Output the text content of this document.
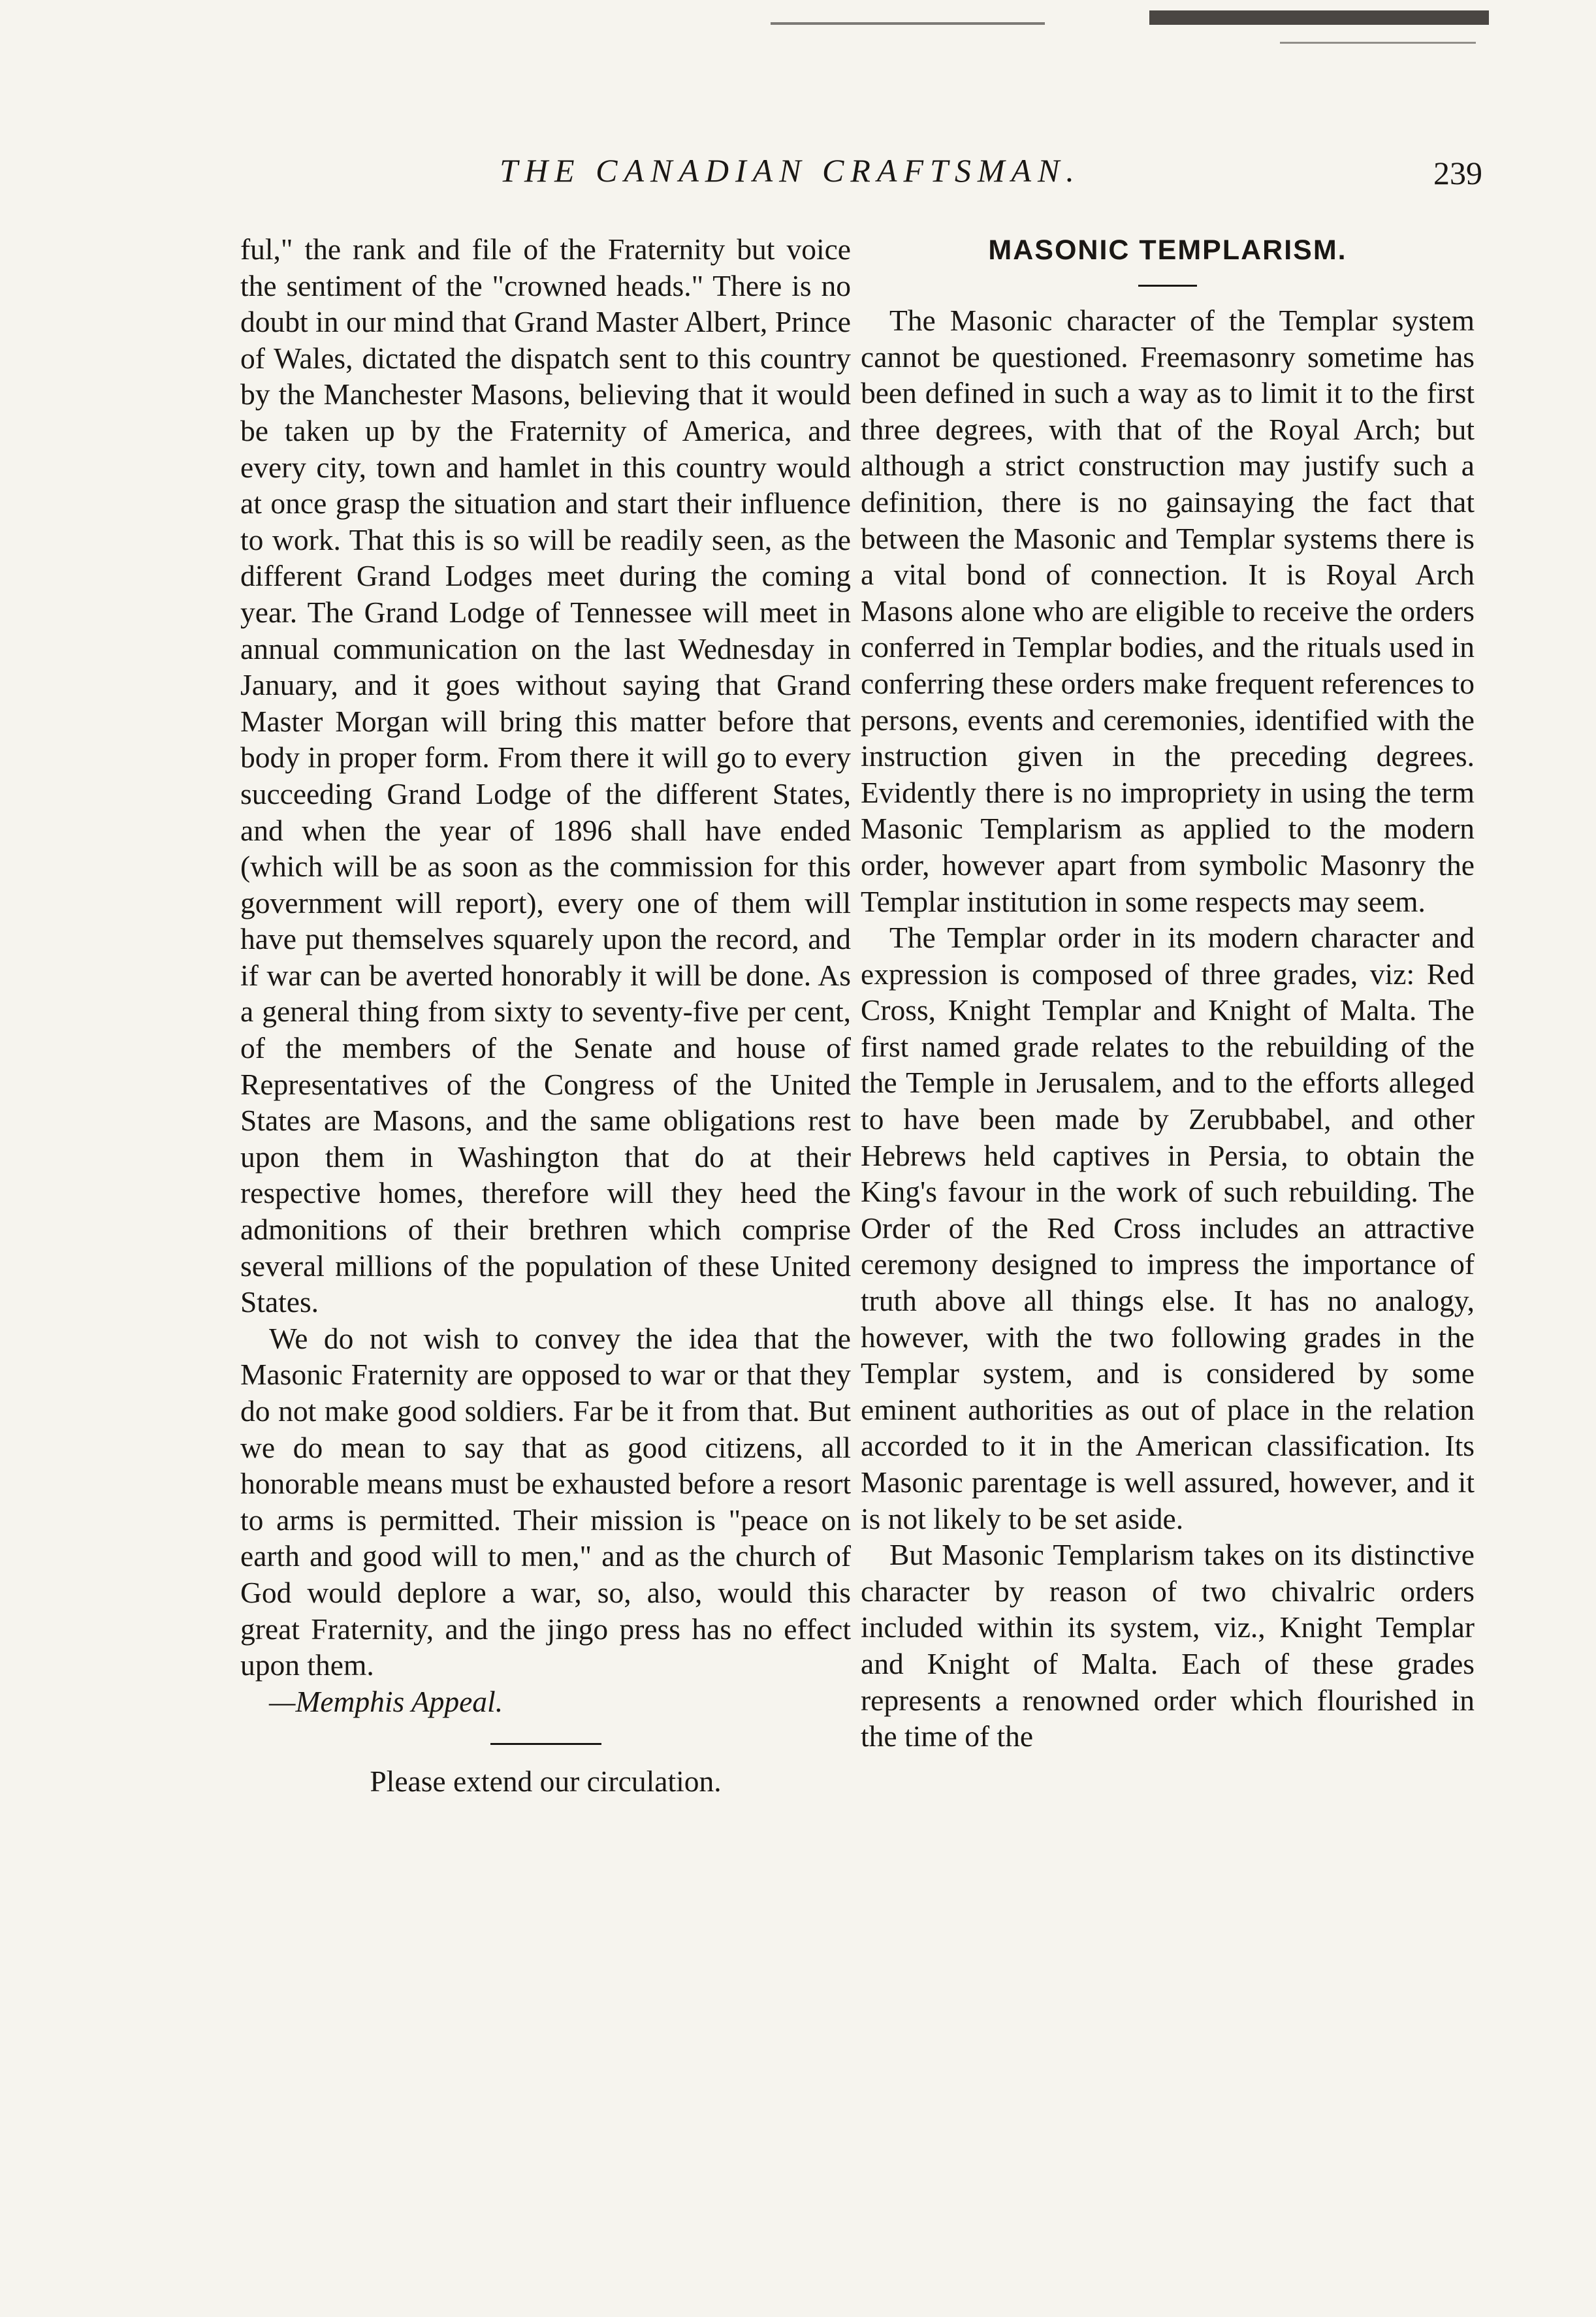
THE CANADIAN CRAFTSMAN.	239

ful," the rank and file of the Fraternity but voice the sentiment of the "crowned heads." There is no doubt in our mind that Grand Master Albert, Prince of Wales, dictated the dispatch sent to this country by the Manchester Masons, believing that it would be taken up by the Fraternity of America, and every city, town and hamlet in this country would at once grasp the situation and start their influence to work. That this is so will be readily seen, as the different Grand Lodges meet during the coming year. The Grand Lodge of Tennessee will meet in annual communication on the last Wednesday in January, and it goes without saying that Grand Master Morgan will bring this matter before that body in proper form. From there it will go to every succeeding Grand Lodge of the different States, and when the year of 1896 shall have ended (which will be as soon as the commission for this government will report), every one of them will have put themselves squarely upon the record, and if war can be averted honorably it will be done. As a general thing from sixty to seventy-five per cent, of the members of the Senate and house of Representatives of the Congress of the United States are Masons, and the same obligations rest upon them in Washington that do at their respective homes, therefore will they heed the admonitions of their brethren which comprise several millions of the population of these United States.

We do not wish to convey the idea that the Masonic Fraternity are opposed to war or that they do not make good soldiers. Far be it from that. But we do mean to say that as good citizens, all honorable means must be exhausted before a resort to arms is permitted. Their mission is "peace on earth and good will to men," and as the church of God would deplore a war, so, also, would this great Fraternity, and the jingo press has no effect upon them.

—Memphis Appeal.

Please extend our circulation.

MASONIC TEMPLARISM.

The Masonic character of the Templar system cannot be questioned. Freemasonry sometime has been defined in such a way as to limit it to the first three degrees, with that of the Royal Arch; but although a strict construction may justify such a definition, there is no gainsaying the fact that between the Masonic and Templar systems there is a vital bond of connection. It is Royal Arch Masons alone who are eligible to receive the orders conferred in Templar bodies, and the rituals used in conferring these orders make frequent references to persons, events and ceremonies, identified with the instruction given in the preceding degrees. Evidently there is no impropriety in using the term Masonic Templarism as applied to the modern order, however apart from symbolic Masonry the Templar institution in some respects may seem.

The Templar order in its modern character and expression is composed of three grades, viz: Red Cross, Knight Templar and Knight of Malta. The first named grade relates to the rebuilding of the the Temple in Jerusalem, and to the efforts alleged to have been made by Zerubbabel, and other Hebrews held captives in Persia, to obtain the King's favour in the work of such rebuilding. The Order of the Red Cross includes an attractive ceremony designed to impress the importance of truth above all things else. It has no analogy, however, with the two following grades in the Templar system, and is considered by some eminent authorities as out of place in the relation accorded to it in the American classification. Its Masonic parentage is well assured, however, and it is not likely to be set aside.

But Masonic Templarism takes on its distinctive character by reason of two chivalric orders included within its system, viz., Knight Templar and Knight of Malta. Each of these grades represents a renowned order which flourished in the time of the
